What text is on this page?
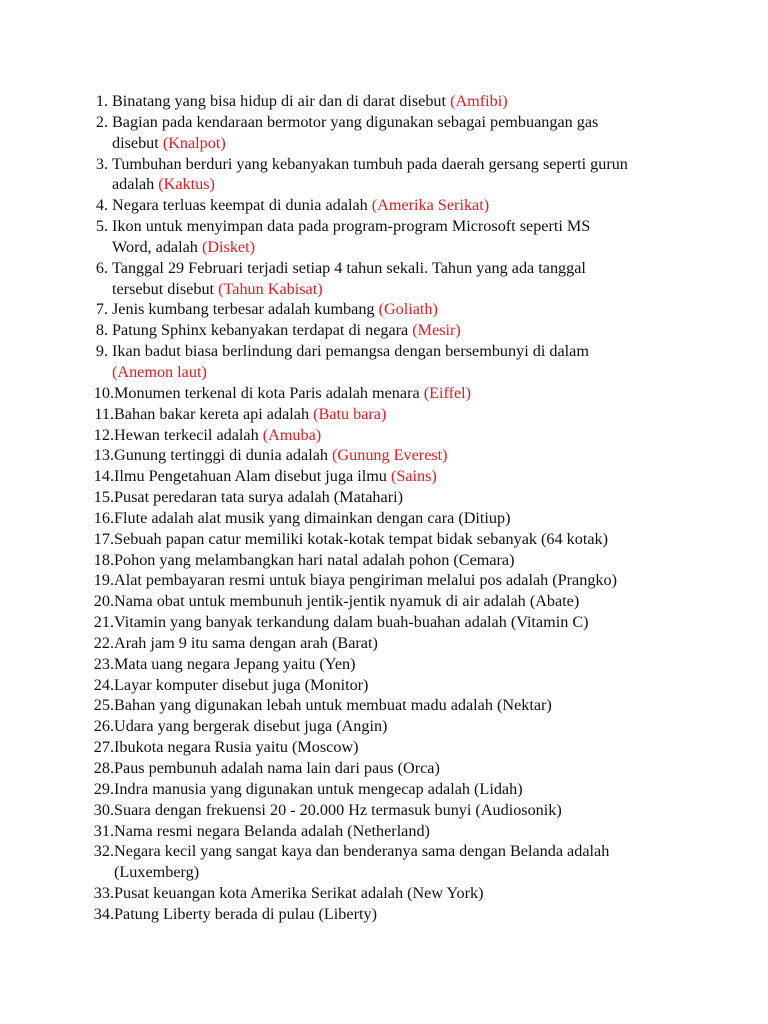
1. Binatang yang bisa hidup di air dan di darat disebut (Amfibi)
2. Bagian pada kendaraan bermotor yang digunakan sebagai pembuangan gas
disebut (Knalpot)
3. Tumbuhan berduri yang kebanyakan tumbuh pada daerah gersang seperti gurun
adalah (Kaktus)
4. Negara terluas keempat di dunia adalah (Amerika Serikat)
5. Ikon untuk menyimpan data pada program-program Microsoft seperti MS
Word, adalah (Disket)
6. Tanggal 29 Februari terjadi setiap 4 tahun sekali. Tahun yang ada tanggal
tersebut disebut (Tahun Kabisat)
7. Jenis kumbang terbesar adalah kumbang (Goliath)
8. Patung Sphinx kebanyakan terdapat di negara (Mesir)
9. Ikan badut biasa berlindung dari pemangsa dengan bersembunyi di dalam
(Anemon laut)
10. Monumen terkenal di kota Paris adalah menara (Eiffel)
11. Bahan bakar kereta api adalah (Batu bara)
12. Hewan terkecil adalah (Amuba)
13. Gunung tertinggi di dunia adalah (Gunung Everest)
14. Ilmu Pengetahuan Alam disebut juga ilmu (Sains)
15. Pusat peredaran tata surya adalah (Matahari)
16. Flute adalah alat musik yang dimainkan dengan cara (Ditiup)
17. Sebuah papan catur memiliki kotak-kotak tempat bidak sebanyak (64 kotak)
18. Pohon yang melambangkan hari natal adalah pohon (Cemara)
19. Alat pembayaran resmi untuk biaya pengiriman melalui pos adalah (Prangko)
20. Nama obat untuk membunuh jentik-jentik nyamuk di air adalah (Abate)
21. Vitamin yang banyak terkandung dalam buah-buahan adalah (Vitamin C)
22. Arah jam 9 itu sama dengan arah (Barat)
23. Mata uang negara Jepang yaitu (Yen)
24. Layar komputer disebut juga (Monitor)
25. Bahan yang digunakan lebah untuk membuat madu adalah (Nektar)
26. Udara yang bergerak disebut juga (Angin)
27. Ibukota negara Rusia yaitu (Moscow)
28. Paus pembunuh adalah nama lain dari paus (Orca)
29. Indra manusia yang digunakan untuk mengecap adalah (Lidah)
30. Suara dengan frekuensi 20 - 20.000 Hz termasuk bunyi (Audiosonik)
31. Nama resmi negara Belanda adalah (Netherland)
32. Negara kecil yang sangat kaya dan benderanya sama dengan Belanda adalah
(Luxemberg)
33. Pusat keuangan kota Amerika Serikat adalah (New York)
34. Patung Liberty berada di pulau (Liberty)
